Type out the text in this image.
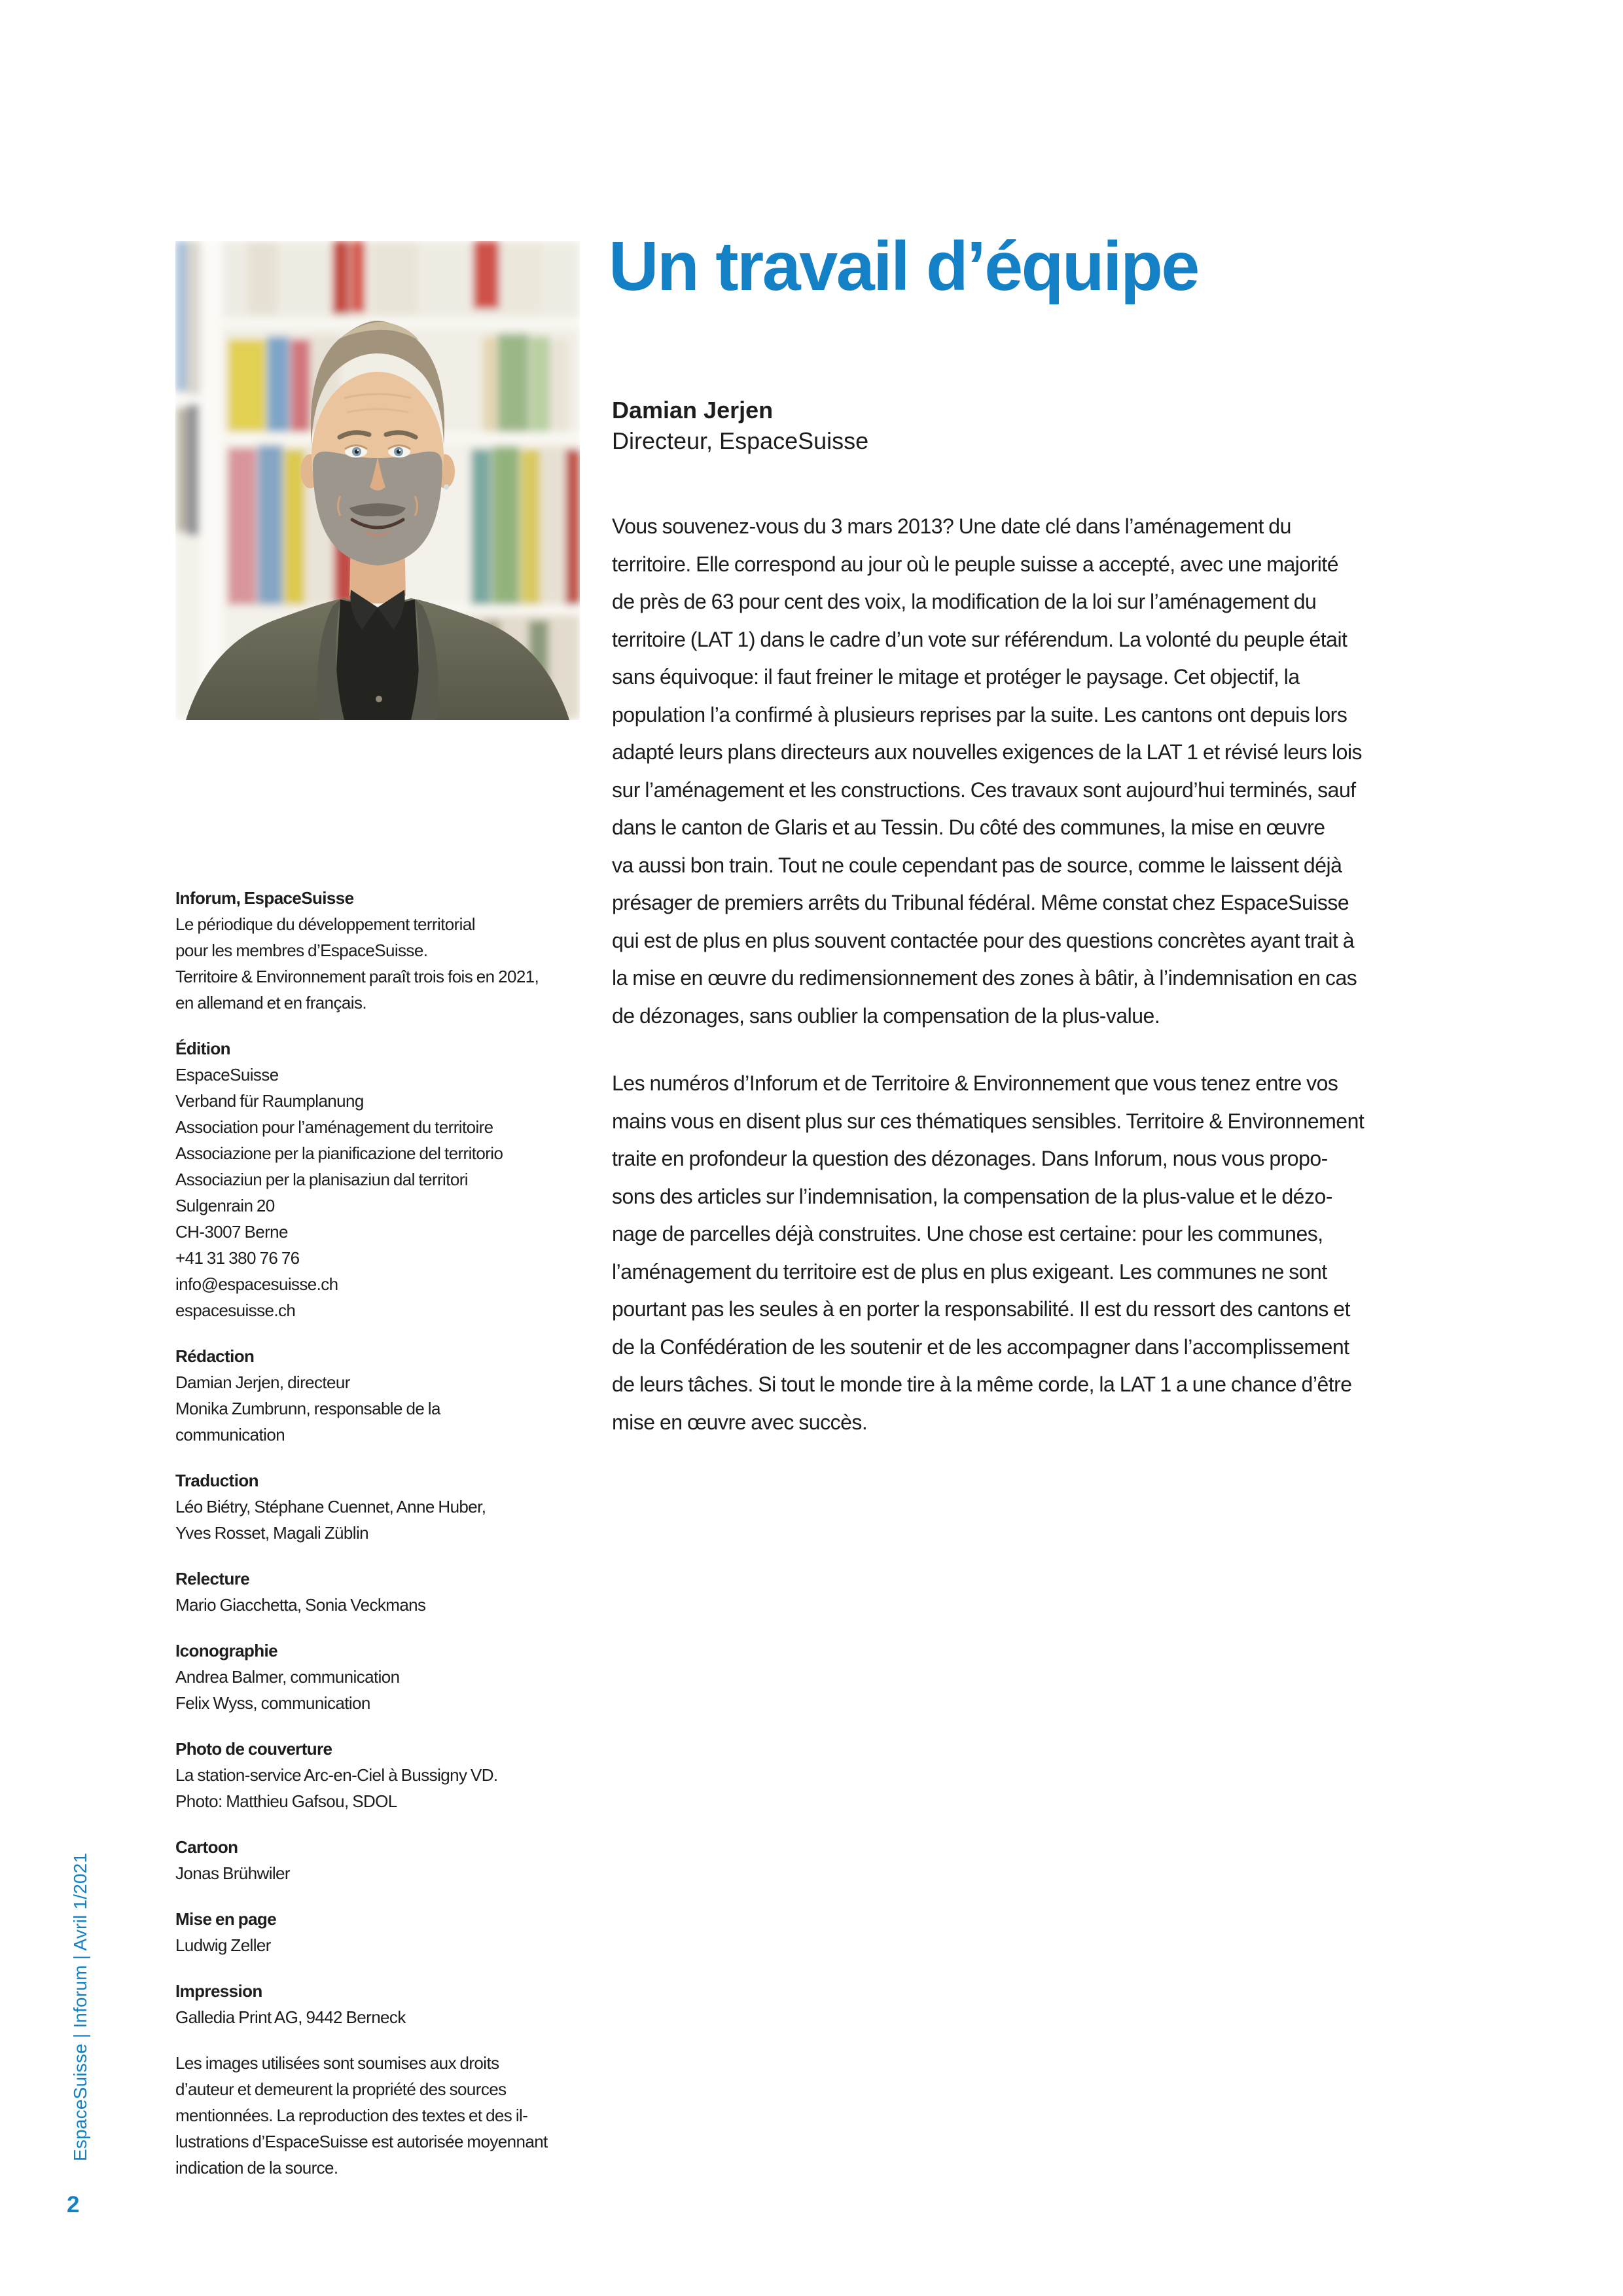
Un travail d’équipe
Damian Jerjen
Directeur, EspaceSuisse

Vous souvenez-vous du 3 mars 2013? Une date clé dans l’aménagement du
territoire. Elle correspond au jour où le peuple suisse a accepté, avec une majorité
de près de 63 pour cent des voix, la modification de la loi sur l’aménagement du
territoire (LAT 1) dans le cadre d’un vote sur référendum. La volonté du peuple était
sans équivoque: il faut freiner le mitage et protéger le paysage. Cet objectif, la
population l’a confirmé à plusieurs reprises par la suite. Les cantons ont depuis lors
adapté leurs plans directeurs aux nouvelles exigences de la LAT 1 et révisé leurs lois
sur l’aménagement et les constructions. Ces travaux sont aujourd’hui terminés, sauf
dans le canton de Glaris et au Tessin. Du côté des communes, la mise en œuvre
va aussi bon train. Tout ne coule cependant pas de source, comme le laissent déjà
présager de premiers arrêts du Tribunal fédéral. Même constat chez EspaceSuisse
qui est de plus en plus souvent contactée pour des questions concrètes ayant trait à
la mise en œuvre du redimensionnement des zones à bâtir, à l’indemnisation en cas
de dézonages, sans oublier la compensation de la plus-value.

Les numéros d’Inforum et de Territoire & Environnement que vous tenez entre vos
mains vous en disent plus sur ces thématiques sensibles. Territoire & Environnement
traite en profondeur la question des dézonages. Dans Inforum, nous vous propo-
sons des articles sur l’indemnisation, la compensation de la plus-value et le dézo-
nage de parcelles déjà construites. Une chose est certaine: pour les communes,
l’aménagement du territoire est de plus en plus exigeant. Les communes ne sont
pourtant pas les seules à en porter la responsabilité. Il est du ressort des cantons et
de la Confédération de les soutenir et de les accompagner dans l’accomplissement
de leurs tâches. Si tout le monde tire à la même corde, la LAT 1 a une chance d’être
mise en œuvre avec succès.

Inforum, EspaceSuisse
Le périodique du développement territorial
pour les membres d’EspaceSuisse.
Territoire & Environnement paraît trois fois en 2021,
en allemand et en français.
Édition
EspaceSuisse
Verband für Raumplanung
Association pour l’aménagement du territoire
Associazione per la pianificazione del territorio
Associaziun per la planisaziun dal territori
Sulgenrain 20
CH-3007 Berne
+41 31 380 76 76
info@espacesuisse.ch
espacesuisse.ch
Rédaction
Damian Jerjen, directeur
Monika Zumbrunn, responsable de la
communication
Traduction
Léo Biétry, Stéphane Cuennet, Anne Huber,
Yves Rosset, Magali Züblin
Relecture
Mario Giacchetta, Sonia Veckmans
Iconographie
Andrea Balmer, communication
Felix Wyss, communication
Photo de couverture
La station-service Arc-en-Ciel à Bussigny VD.
Photo: Matthieu Gafsou, SDOL
Cartoon
Jonas Brühwiler
Mise en page
Ludwig Zeller
Impression
Galledia Print AG, 9442 Berneck
Les images utilisées sont soumises aux droits
d’auteur et demeurent la propriété des sources
mentionnées. La reproduction des textes et des il-
lustrations d’EspaceSuisse est autorisée moyennant
indication de la source.
EspaceSuisse | Inforum | Avril 1/2021
2
